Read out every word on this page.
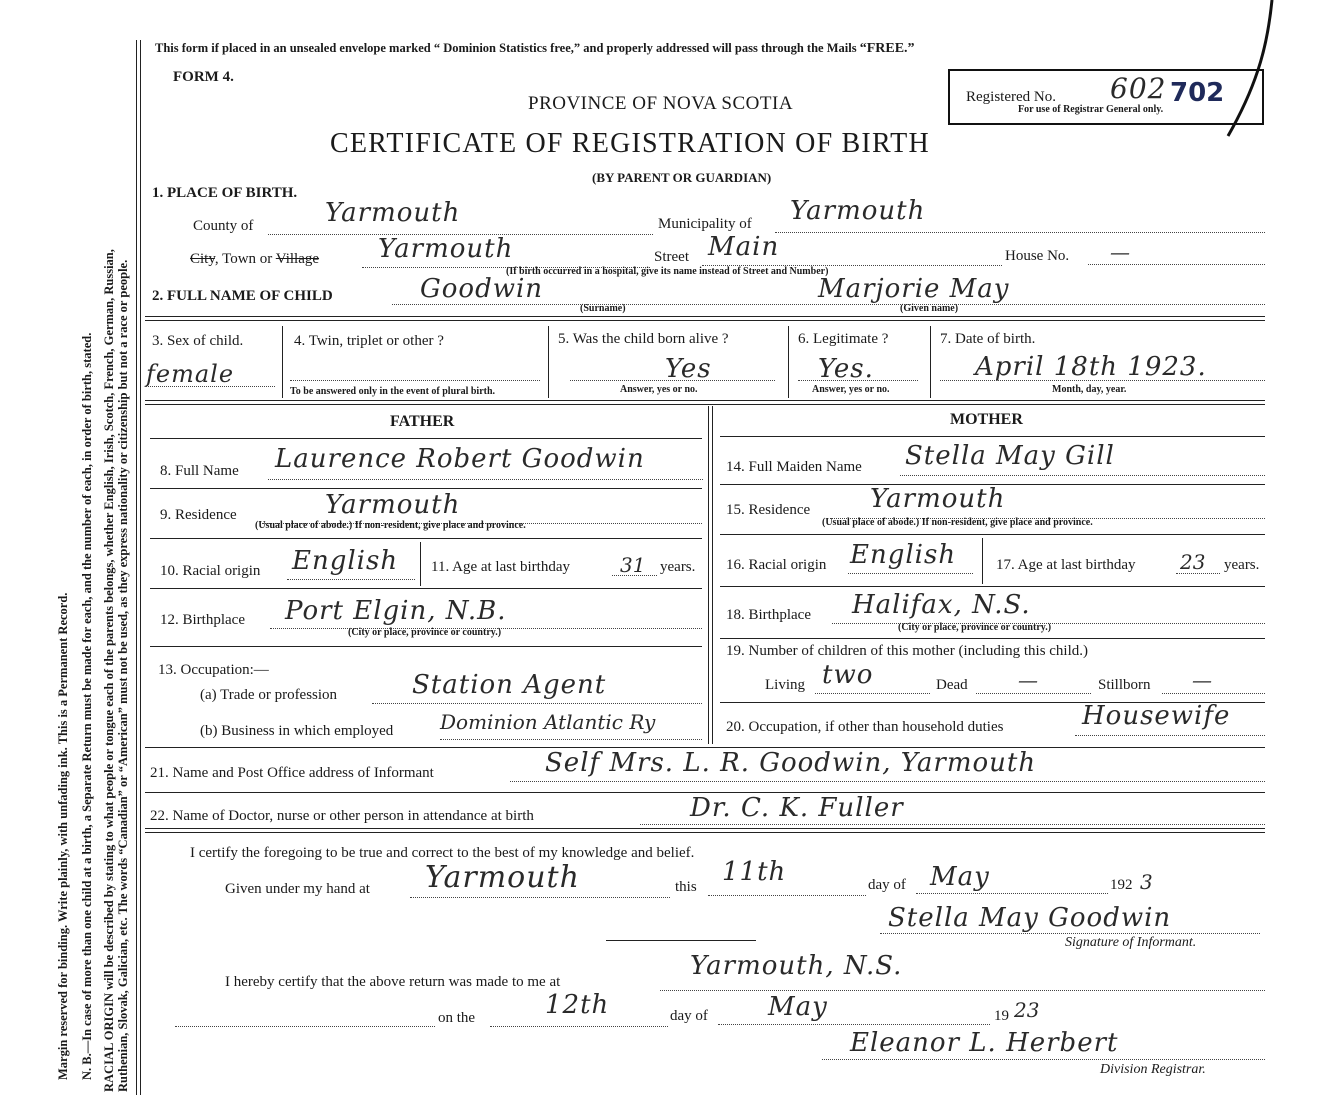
Margin reserved for binding. Write plainly, with unfading ink. This is a Permanent Record. N. B.—In case of more than one child at a birth, a Separate Return must be made for each, and the number of each, in order of birth, stated. RACIAL ORIGIN will be described by stating to what people or tongue each of the parents belongs, whether English, Irish, Scotch, French, German, Russian, Ruthenian, Slovak, Galician, etc. The words “Canadian” or “American” must not be used, as they express nationality or citizenship but not a race or people.
This form if placed in an unsealed envelope marked “ Dominion Statistics free,” and properly addressed will pass through the Mails “FREE.”
FORM 4.
PROVINCE OF NOVA SCOTIA
CERTIFICATE OF REGISTRATION OF BIRTH
(BY PARENT OR GUARDIAN)
Registered No. 602 702
For use of Registrar General only.
1. PLACE OF BIRTH.
County of	Yarmouth	Municipality of Yarmouth
City, Town or Village Yarmouth	Street Main	House No. —
(If birth occurred in a hospital, give its name instead of Street and Number)
2. FULL NAME OF CHILD	Goodwin	Marjorie May
(Surname)	(Given name)
3. Sex of child.
female
4. Twin, triplet or other ?
To be answered only in the event of plural birth.
5. Was the child born alive ?
Yes
Answer, yes or no.
6. Legitimate ?
Yes.
Answer, yes or no.
7. Date of birth.
April 18th 1923.
Month, day, year.
FATHER	MOTHER
8. Full Name Laurence Robert Goodwin
9. Residence	Yarmouth
(Usual place of abode.) If non-resident, give place and province.
10. Racial origin English 11. Age at last birthday	31 years.
12. Birthplace Port Elgin, N.B.
(City or place, province or country.)
13. Occupation:—
(a) Trade or profession	Station Agent
(b) Business in which employed Dominion Atlantic Ry
14. Full Maiden Name Stella May Gill
15. Residence Yarmouth
(Usual place of abode.) If non-resident, give place and province.
16. Racial origin English	17. Age at last birthday 23 years.
18. Birthplace Halifax, N.S.
(City or place, province or country.)
19. Number of children of this mother (including this child.)
Living two	Dead	—	Stillborn —
20. Occupation, if other than household duties	Housewife
21. Name and Post Office address of Informant	Self Mrs. L. R. Goodwin, Yarmouth
22. Name of Doctor, nurse or other person in attendance at birth	Dr. C. K. Fuller
I certify the foregoing to be true and correct to the best of my knowledge and belief.
Given under my hand at Yarmouth	this 11th	day of May	192 3
Stella May Goodwin
Signature of Informant.
I hereby certify that the above return was made to me at
Yarmouth, N.S.
on the	12th	day of May	19 23
Eleanor L. Herbert
Division Registrar.
